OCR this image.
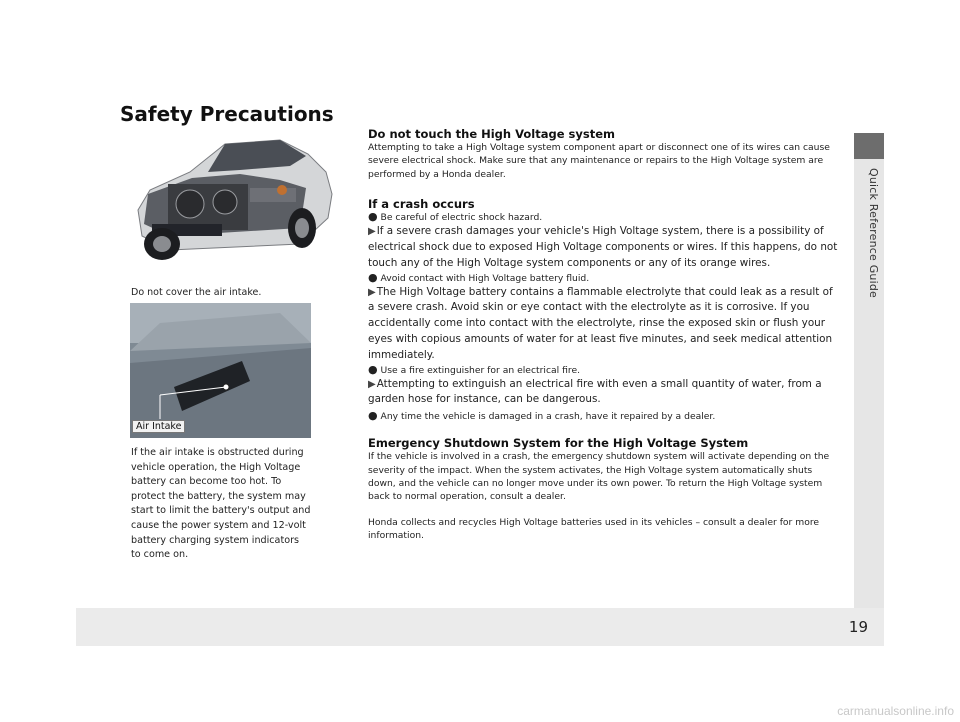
Quick Reference Guide
19
Safety Precautions
Do not cover the air intake.
Air Intake
If the air intake is obstructed during vehicle operation, the High Voltage battery can become too hot. To protect the battery, the system may start to limit the battery's output and cause the power system and 12-volt battery charging system indicators to come on.
Do not touch the High Voltage system

Attempting to take a High Voltage system component apart or disconnect one of its wires can cause severe electrical shock. Make sure that any maintenance or repairs to the High Voltage system are performed by a Honda dealer.

If a crash occurs

● Be careful of electric shock hazard.

▶If a severe crash damages your vehicle's High Voltage system, there is a possibility of electrical shock due to exposed High Voltage components or wires. If this happens, do not touch any of the High Voltage system components or any of its orange wires.

● Avoid contact with High Voltage battery fluid.

▶The High Voltage battery contains a flammable electrolyte that could leak as a result of a severe crash. Avoid skin or eye contact with the electrolyte as it is corrosive. If you accidentally come into contact with the electrolyte, rinse the exposed skin or flush your eyes with copious amounts of water for at least five minutes, and seek medical attention immediately.

● Use a fire extinguisher for an electrical fire.

▶Attempting to extinguish an electrical fire with even a small quantity of water, from a garden hose for instance, can be dangerous.

● Any time the vehicle is damaged in a crash, have it repaired by a dealer.

Emergency Shutdown System for the High Voltage System

If the vehicle is involved in a crash, the emergency shutdown system will activate depending on the severity of the impact. When the system activates, the High Voltage system automatically shuts down, and the vehicle can no longer move under its own power. To return the High Voltage system back to normal operation, consult a dealer.

Honda collects and recycles High Voltage batteries used in its vehicles – consult a dealer for more information.

carmanualsonline.info
